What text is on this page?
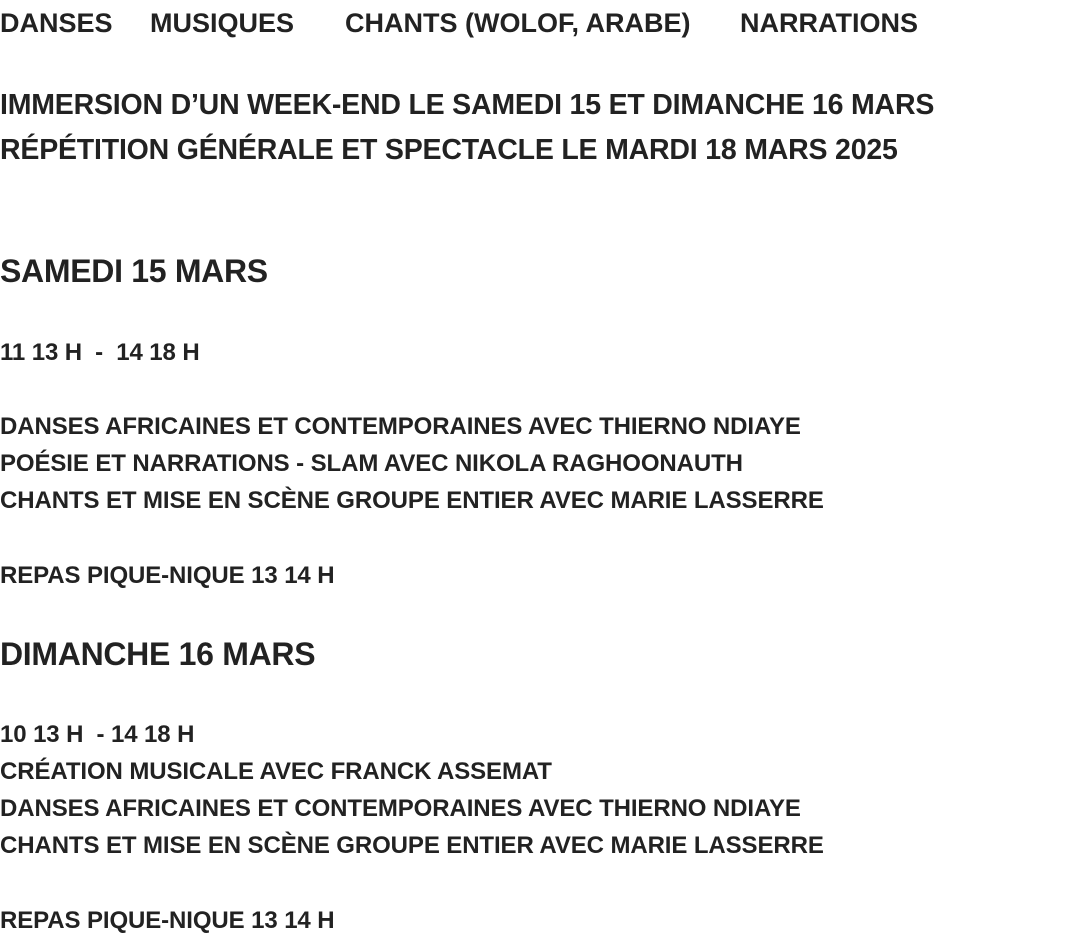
DANSES MUSIQUES CHANTS (WOLOF, ARABE) NARRATIONS

IMMERSION D’UN WEEK-END LE SAMEDI 15 ET DIMANCHE 16 MARS

RÉPÉTITION GÉNÉRALE ET SPECTACLE LE MARDI 18 MARS 2025

SAMEDI 15 MARS

11 13 H  -  14 18 H

DANSES AFRICAINES ET CONTEMPORAINES AVEC THIERNO NDIAYE

POÉSIE ET NARRATIONS - SLAM AVEC NIKOLA RAGHOONAUTH

CHANTS ET MISE EN SCÈNE GROUPE ENTIER AVEC MARIE LASSERRE

REPAS PIQUE-NIQUE 13 14 H

DIMANCHE 16 MARS

10 13 H  - 14 18 H

CRÉATION MUSICALE AVEC FRANCK ASSEMAT

DANSES AFRICAINES ET CONTEMPORAINES AVEC THIERNO NDIAYE

CHANTS ET MISE EN SCÈNE GROUPE ENTIER AVEC MARIE LASSERRE

REPAS PIQUE-NIQUE 13 14 H
